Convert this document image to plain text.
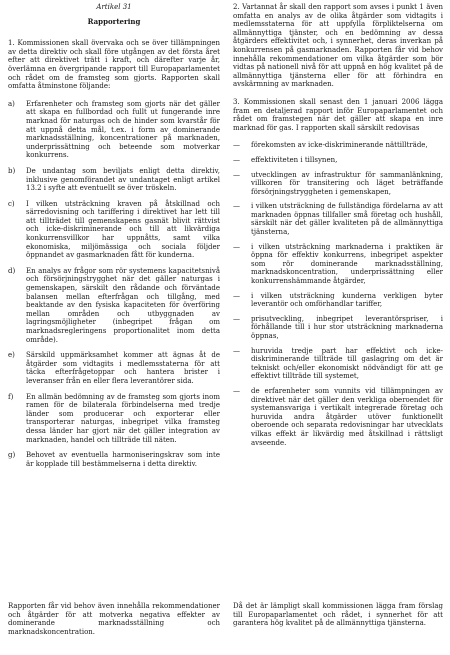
Artikel 31
Rapportering

1. Kommissionen skall övervaka och se över tillämpningen av detta direktiv och skall före utgången av det första året efter att direktivet trätt i kraft, och därefter varje år, överlämna en övergripande rapport till Europaparlamentet och rådet om de framsteg som gjorts. Rapporten skall omfatta åtminstone följande:

a)	Erfarenheter och framsteg som gjorts när det gäller att skapa en fullbordad och fullt ut fungerande inre marknad för naturgas och de hinder som kvarstår för att uppnå detta mål, t.ex. i form av dominerande marknadsställning, koncentrationer på marknaden, underprissättning och beteende som motverkar konkurrens.
b)	De undantag som beviljats enligt detta direktiv, inklusive genomförandet av undantaget enligt artikel 13.2 i syfte att eventuellt se över tröskeln.
c)	I vilken utsträckning kraven på åtskillnad och särredovisning och tariffering i direktivet har lett till att tillträdet till gemenskapens gasnät blivit rättvist och icke-diskriminerande och till att likvärdiga konkurrensvillkor har uppnåtts, samt vilka ekonomiska, miljömässiga och sociala följder öppnandet av gasmarknaden fått för kunderna.
d)	En analys av frågor som rör systemens kapacitetsnivå och försörjningstrygghet när det gäller naturgas i gemenskapen, särskilt den rådande och förväntade balansen mellan efterfrågan och tillgång, med beaktande av den fysiska kapaciteten för överföring mellan områden och utbyggnaden av lagringsmöjligheter (inbegripet frågan om marknadsregleringens proportionalitet inom detta område).
e)	Särskild uppmärksamhet kommer att ägnas åt de åtgärder som vidtagits i medlemsstaterna för att täcka efterfrågetoppar och hantera brister i leveranser från en eller flera leverantörer sida.
f)	En allmän bedömning av de framsteg som gjorts inom ramen för de bilaterala förbindelserna med tredje länder som producerar och exporterar eller transporterar naturgas, inbegripet vilka framsteg dessa länder har gjort när det gäller integration av marknaden, handel och tillträde till näten.
g)	Behovet av eventuella harmoniseringskrav som inte är kopplade till bestämmelserna i detta direktiv.

Rapporten får vid behov även innehålla rekommendationer och åtgärder för att motverka negativa effekter av dominerande marknadsställning och marknadskoncentration.

2. Vartannat år skall den rapport som avses i punkt 1 även omfatta en analys av de olika åtgärder som vidtagits i medlemsstaterna för att uppfylla förpliktelserna om allmännyttiga tjänster, och en bedömning av dessa åtgärders effektivitet och, i synnerhet, deras inverkan på konkurrensen på gasmarknaden. Rapporten får vid behov innehålla rekommendationer om vilka åtgärder som bör vidtas på nationell nivå för att uppnå en hög kvalitet på de allmännyttiga tjänsterna eller för att förhindra en avskärmning av marknaden.

3. Kommissionen skall senast den 1 januari 2006 lägga fram en detaljerad rapport inför Europaparlamentet och rådet om framstegen när det gäller att skapa en inre marknad för gas. I rapporten skall särskilt redovisas

—	förekomsten av icke-diskriminerande nättillträde,
—	effektiviteten i tillsynen,
—	utvecklingen av infrastruktur för sammanlänkning, villkoren för transitering och läget beträffande försörjningstryggheten i gemenskapen,
—	i vilken utsträckning de fullständiga fördelarna av att marknaden öppnas tillfaller små företag och hushåll, särskilt när det gäller kvaliteten på de allmännyttiga tjänsterna,
—	i vilken utsträckning marknaderna i praktiken är öppna för effektiv konkurrens, inbegripet aspekter som rör dominerande marknadsställning, marknadskoncentration, underprissättning eller konkurrenshämmande åtgärder,
—	i vilken utsträckning kunderna verkligen byter leverantör och omförhandlar tariffer,
—	prisutveckling, inbegripet leverantörspriser, i förhållande till i hur stor utsträckning marknaderna öppnas,
—	huruvida tredje part har effektivt och icke-diskriminerande tillträde till gaslagring om det är tekniskt och/eller ekonomiskt nödvändigt för att ge effektivt tillträde till systemet,
—	de erfarenheter som vunnits vid tillämpningen av direktivet när det gäller den verkliga oberoendet för systemansvariga i vertikalt integrerade företag och huruvida andra åtgärder utöver funktionellt oberoende och separata redovisningar har utvecklats vilkas effekt är likvärdig med åtskillnad i rättsligt avseende.

Då det är lämpligt skall kommissionen lägga fram förslag till Europaparlamentet och rådet, i synnerhet för att garantera hög kvalitet på de allmännyttiga tjänsterna.
